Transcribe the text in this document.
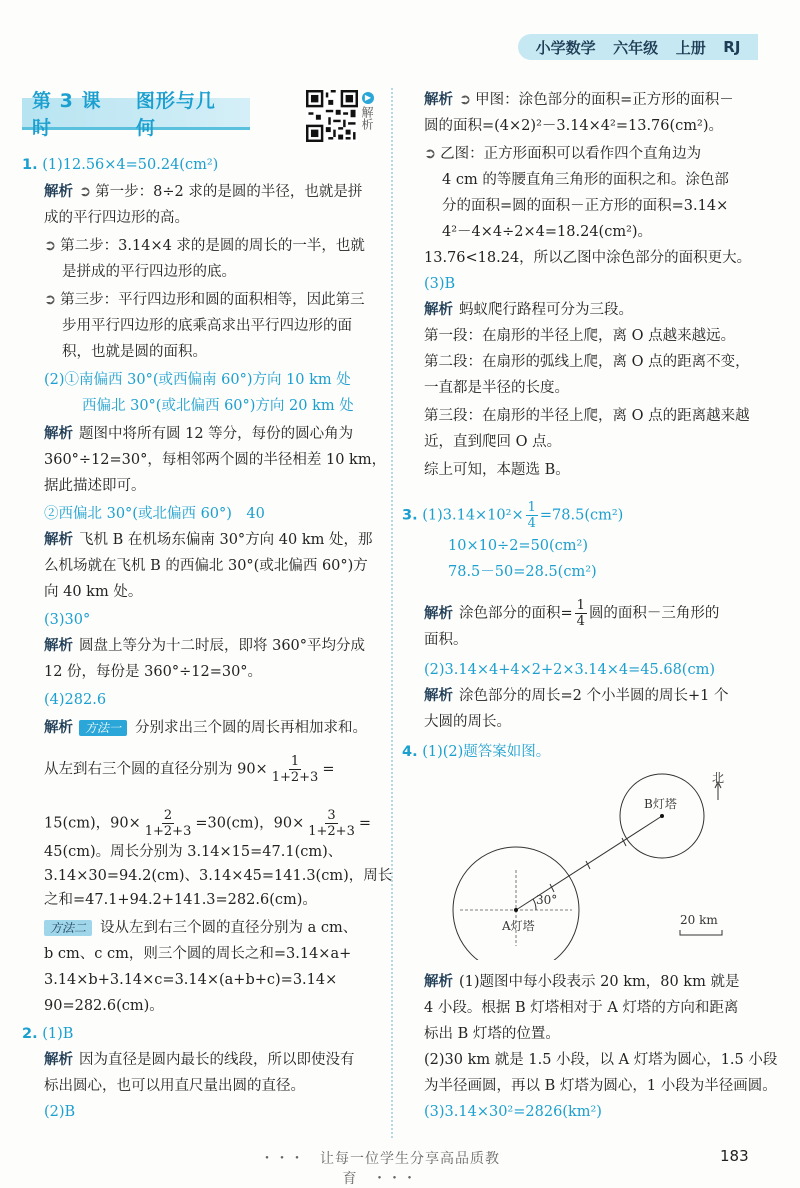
小学数学 六年级 上册 RJ
第 3 课时
图形与几何
▶
解析
1. (1)12.56×4=50.24(cm²)
解析 ➲ 第一步：8÷2 求的是圆的半径，也就是拼
成的平行四边形的高。
➲ 第二步：3.14×4 求的是圆的周长的一半，也就
是拼成的平行四边形的底。
➲ 第三步：平行四边形和圆的面积相等，因此第三
步用平行四边形的底乘高求出平行四边形的面
积，也就是圆的面积。
(2)①南偏西 30°(或西偏南 60°)方向 10 km 处
西偏北 30°(或北偏西 60°)方向 20 km 处
解析 题图中将所有圆 12 等分，每份的圆心角为
360°÷12=30°，每相邻两个圆的半径相差 10 km，
据此描述即可。
②西偏北 30°(或北偏西 60°)　40
解析 飞机 B 在机场东偏南 30°方向 40 km 处，那
么机场就在飞机 B 的西偏北 30°(或北偏西 60°)方
向 40 km 处。
(3)30°
解析 圆盘上等分为十二时辰，即将 360°平均分成
12 份，每份是 360°÷12=30°。
(4)282.6
解析 方法一 分别求出三个圆的周长再相加求和。
从左到右三个圆的直径分别为 $90\times \frac{1}{1+2+3}$ =
15(cm)，$90\times \frac{2}{1+2+3} =30(cm)$，$90\times \frac{3}{1+2+3}$ =
45(cm)。周长分别为 3.14×15=47.1(cm)、
3.14×30=94.2(cm)、3.14×45=141.3(cm)，周长
之和=47.1+94.2+141.3=282.6(cm)。
方法二 设从左到右三个圆的直径分别为 a cm、
b cm、c cm，则三个圆的周长之和=3.14×a+
3.14×b+3.14×c=3.14×(a+b+c)=3.14×
90=282.6(cm)。
2. (1)B
解析 因为直径是圆内最长的线段，所以即使没有
标出圆心，也可以用直尺量出圆的直径。
(2)B
解析 ➲ 甲图：涂色部分的面积=正方形的面积－
圆的面积=(4×2)²－3.14×4²=13.76(cm²)。
➲ 乙图：正方形面积可以看作四个直角边为
4 cm 的等腰直角三角形的面积之和。涂色部
分的面积=圆的面积－正方形的面积=3.14×
4²－4×4÷2×4=18.24(cm²)。
13.76<18.24，所以乙图中涂色部分的面积更大。
(3)B
解析 蚂蚁爬行路程可分为三段。
第一段：在扇形的半径上爬，离 O 点越来越远。
第二段：在扇形的弧线上爬，离 O 点的距离不变，
一直都是半径的长度。
第三段：在扇形的半径上爬，离 O 点的距离越来越
近，直到爬回 O 点。
综上可知，本题选 B。
3. $(1)3.14\times 10^2\times \frac{1}{4} =78.5(cm^2)$
10×10÷2=50(cm²)
78.5－50=28.5(cm²)
解析 涂色部分的面积= $\frac{1}{4}$ 圆的面积－三角形的
面积。
(2)3.14×4+4×2+2×3.14×4=45.68(cm)
解析 涂色部分的周长=2 个小半圆的周长+1 个
大圆的周长。
4. (1)(2)题答案如图。
北
30°
A灯塔
B灯塔
20 km
解析 (1)题图中每小段表示 20 km，80 km 就是
4 小段。根据 B 灯塔相对于 A 灯塔的方向和距离
标出 B 灯塔的位置。
(2)30 km 就是 1.5 小段，以 A 灯塔为圆心，1.5 小段
为半径画圆，再以 B 灯塔为圆心，1 小段为半径画圆。
(3)3.14×30²=2826(km²)
・・・　让每一位学生分享高品质教育　・・・
183
